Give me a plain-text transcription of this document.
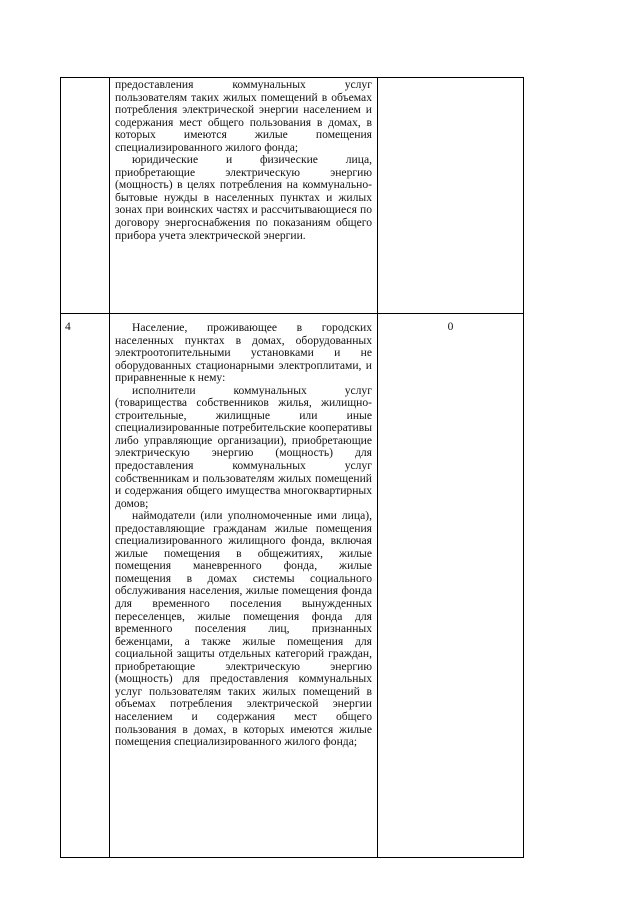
	предоставления коммунальных услуг пользователям таких жилых помещений в объемах потребления электрической энергии населением и содержания мест общего пользования в домах, в которых имеются жилые помещения специализированного жилого фонда;

юридические и физические лица, приобретающие электрическую энергию (мощность) в целях потребления на коммунально-бытовые нужды в населенных пунктах и жилых зонах при воинских частях и рассчитывающиеся по договору энергоснабжения по показаниям общего прибора учета электрической энергии.	

4	Население, проживающее в городских населенных пунктах в домах, оборудованных электроотопительными установками и не оборудованных стационарными электроплитами, и приравненные к нему:

исполнители коммунальных услуг (товарищества собственников жилья, жилищно-строительные, жилищные или иные специализированные потребительские кооперативы либо управляющие организации), приобретающие электрическую энергию (мощность) для предоставления коммунальных услуг собственникам и пользователям жилых помещений и содержания общего имущества многоквартирных домов;

наймодатели (или уполномоченные ими лица), предоставляющие гражданам жилые помещения специализированного жилищного фонда, включая жилые помещения в общежитиях, жилые помещения маневренного фонда, жилые помещения в домах системы социального обслуживания населения, жилые помещения фонда для временного поселения вынужденных переселенцев, жилые помещения фонда для временного поселения лиц, признанных беженцами, а также жилые помещения для социальной защиты отдельных категорий граждан, приобретающие электрическую энергию (мощность) для предоставления коммунальных услуг пользователям таких жилых помещений в объемах потребления электрической энергии населением и содержания мест общего пользования в домах, в которых имеются жилые помещения специализированного жилого фонда;	0
